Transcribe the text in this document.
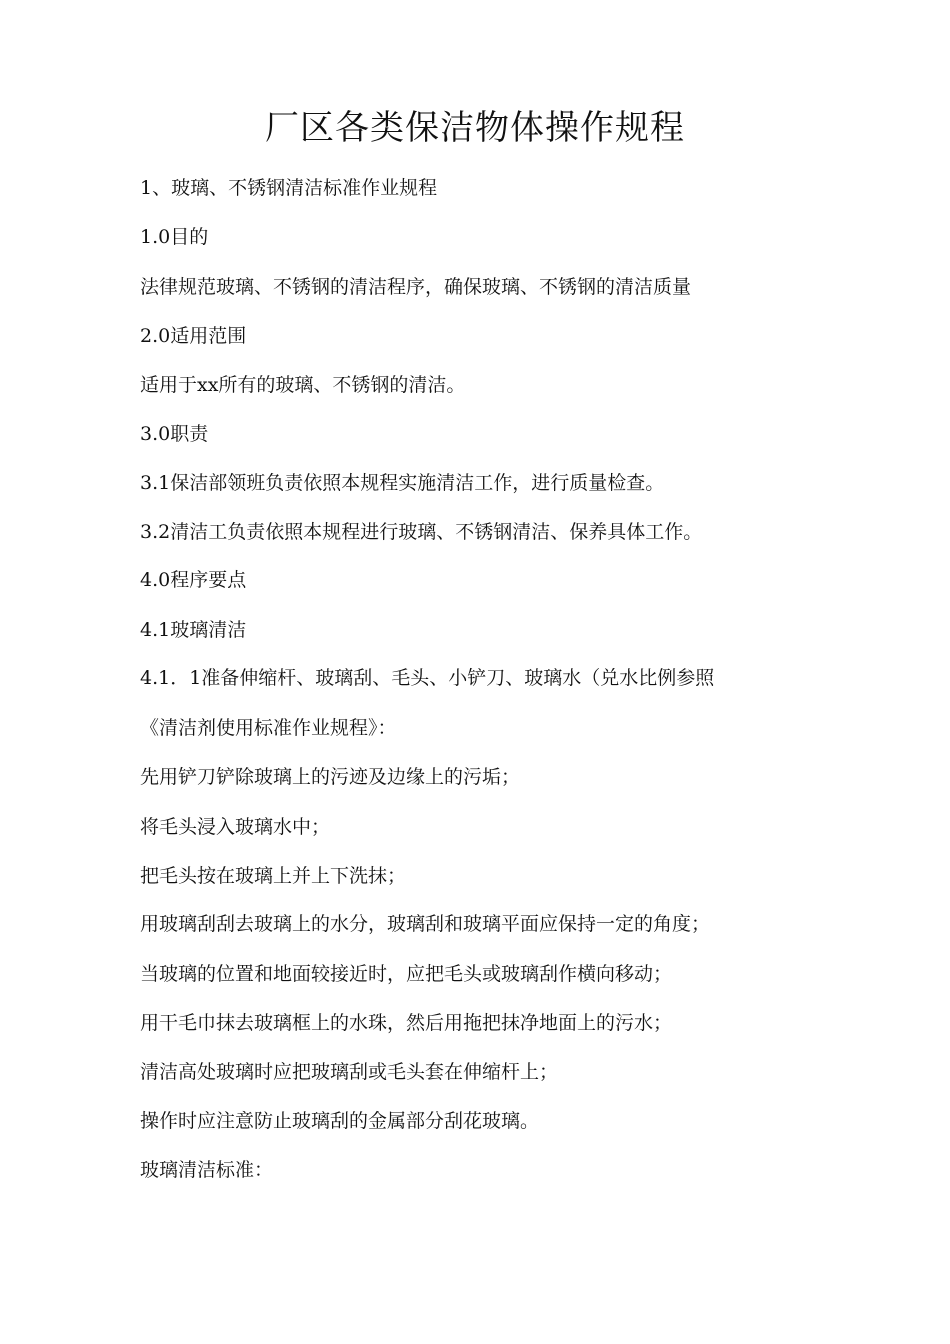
厂区各类保洁物体操作规程
1、玻璃、不锈钢清洁标准作业规程
1.0目的
法律规范玻璃、不锈钢的清洁程序，确保玻璃、不锈钢的清洁质量
2.0适用范围
适用于xx所有的玻璃、不锈钢的清洁。
3.0职责
3.1保洁部领班负责依照本规程实施清洁工作，进行质量检查。
3.2清洁工负责依照本规程进行玻璃、不锈钢清洁、保养具体工作。
4.0程序要点
4.1玻璃清洁
4.1．1准备伸缩杆、玻璃刮、毛头、小铲刀、玻璃水（兑水比例参照
《清洁剂使用标准作业规程》：
先用铲刀铲除玻璃上的污迹及边缘上的污垢；
将毛头浸入玻璃水中；
把毛头按在玻璃上并上下洗抹；
用玻璃刮刮去玻璃上的水分，玻璃刮和玻璃平面应保持一定的角度；
当玻璃的位置和地面较接近时，应把毛头或玻璃刮作横向移动；
用干毛巾抹去玻璃框上的水珠，然后用拖把抹净地面上的污水；
清洁高处玻璃时应把玻璃刮或毛头套在伸缩杆上；
操作时应注意防止玻璃刮的金属部分刮花玻璃。
玻璃清洁标准：
